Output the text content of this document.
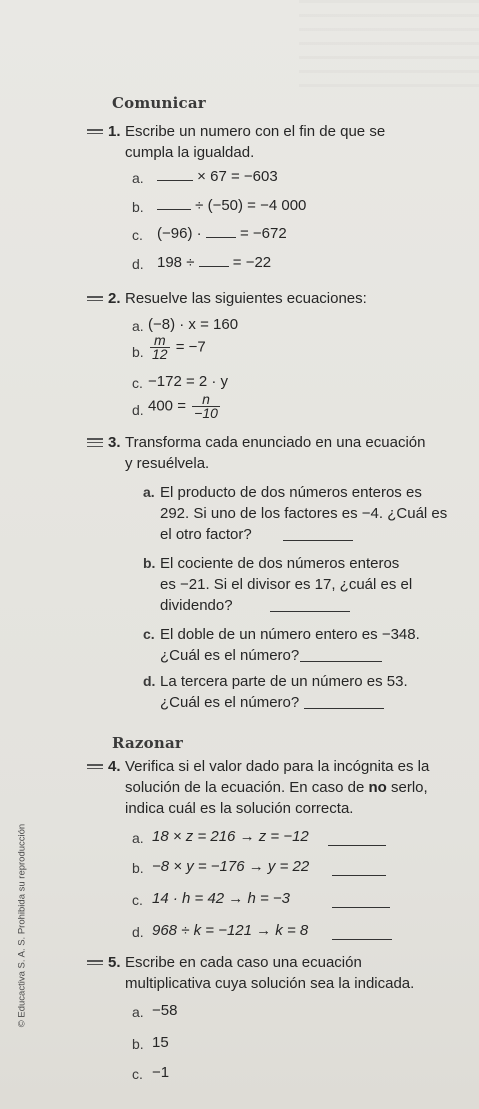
Comunicar
1. Escribe un numero con el fin de que se
cumpla la igualdad.
a.	× 67 = −603
b.	÷ (−50) = −4 000
c. (−96) ·	= −672
d. 198 ÷	= −22
2. Resuelve las siguientes ecuaciones:
a. (−8) · x = 160
b. $\frac{m}{12} = -7$
c. −172 = 2 · y
d. $400 = \frac{n}{-10}$
3. Transforma cada enunciado en una ecuación
y resuélvela.
a. El producto de dos números enteros es
292. Si uno de los factores es −4. ¿Cuál es
el otro factor?
b. El cociente de dos números enteros
es −21. Si el divisor es 17, ¿cuál es el
dividendo?
c. El doble de un número entero es −348.
¿Cuál es el número?
d. La tercera parte de un número es 53.
¿Cuál es el número?
Razonar
4. Verifica si el valor dado para la incógnita es la
solución de la ecuación. En caso de no serlo,
indica cuál es la solución correcta.
a. 18 × z = 216 → z = −12
b. −8 × y = −176 → y = 22
c. 14 · h = 42 → h = −3
d. 968 ÷ k = −121 → k = 8
5. Escribe en cada caso una ecuación
multiplicativa cuya solución sea la indicada.
a. −58
b. 15
c. −1
© Educactiva S. A. S. Prohibida su reproducción
